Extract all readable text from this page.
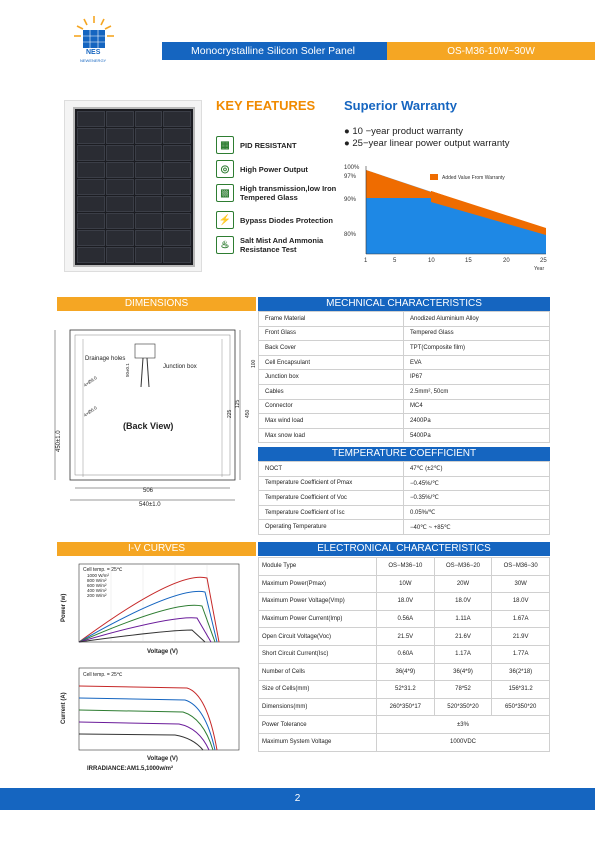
NES
NEWENERGY
Monocrystalline Silicon Soler Panel	OS-M36-10W~30W
KEY FEATURES
▦	PID RESISTANT
◎	High Power Output
▧	High transmission,low Iron Tempered Glass
⚡	Bypass Diodes Protection
♨	Salt Mist And Ammonia Resistance Test
Superior Warranty
● 10 −year product warranty
● 25−year linear power output warranty
Added Value From Warranty
100%
97%
90%
80%
1	5	10	15	20	25
Year
DIMENSIONS	MECHNICAL CHARACTERISTICS
Drainage holes
Junction box
(Back View)
506
540±1.0
450±1.0
100
125
225 450
4×Ø9.0
4×Ø6.0
50±0.1
Frame Material	Anodized Aluminium Alloy
Front Glass	Tempered Glass
Back Cover	TPT(Composite film)
Cell Encapsulant	EVA
Junction box	IP67
Cables	2.5mm², 50cm
Connector	MC4
Max wind load	2400Pa
Max snow load	5400Pa
TEMPERATURE COEFFICIENT
NOCT	47℃ (±2℃)
Temperature Coefficient of Pmax	−0.45%/℃
Temperature Coefficient of Voc	−0.35%/℃
Temperature Coefficient of Isc	0.05%/℃
Operating Temperature	−40℃ ~ +85℃
I-V CURVES	ELECTRONICAL CHARACTERISTICS
Cell temp. = 25℃
1000 W/m²
800 W/m²
600 W/m²
400 W/m²
200 W/m²
Power (w)
Voltage (V)
Cell temp. = 25℃
Current (A)
Voltage (V)
IRRADIANCE:AM1.5,1000w/m²
Module Type	OS−M36−10	OS−M36−20	OS−M36−30
Maximum Power(Pmax)	10W	20W	30W
Maximum Power Voltage(Vmp)	18.0V	18.0V	18.0V
Maximum Power Current(Imp)	0.56A	1.11A	1.67A
Open Circuit Voltage(Voc)	21.5V	21.6V	21.9V
Short Circuit Current(Isc)	0.60A	1.17A	1.77A
Number of Cells	36(4*9)	36(4*9)	36(2*18)
Size of Cells(mm)	52*31.2	78*52	156*31.2
Dimensions(mm)	260*350*17	520*350*20	650*350*20
Power Tolerance	±3%		
Maximum System Voltage	1000VDC		
2
